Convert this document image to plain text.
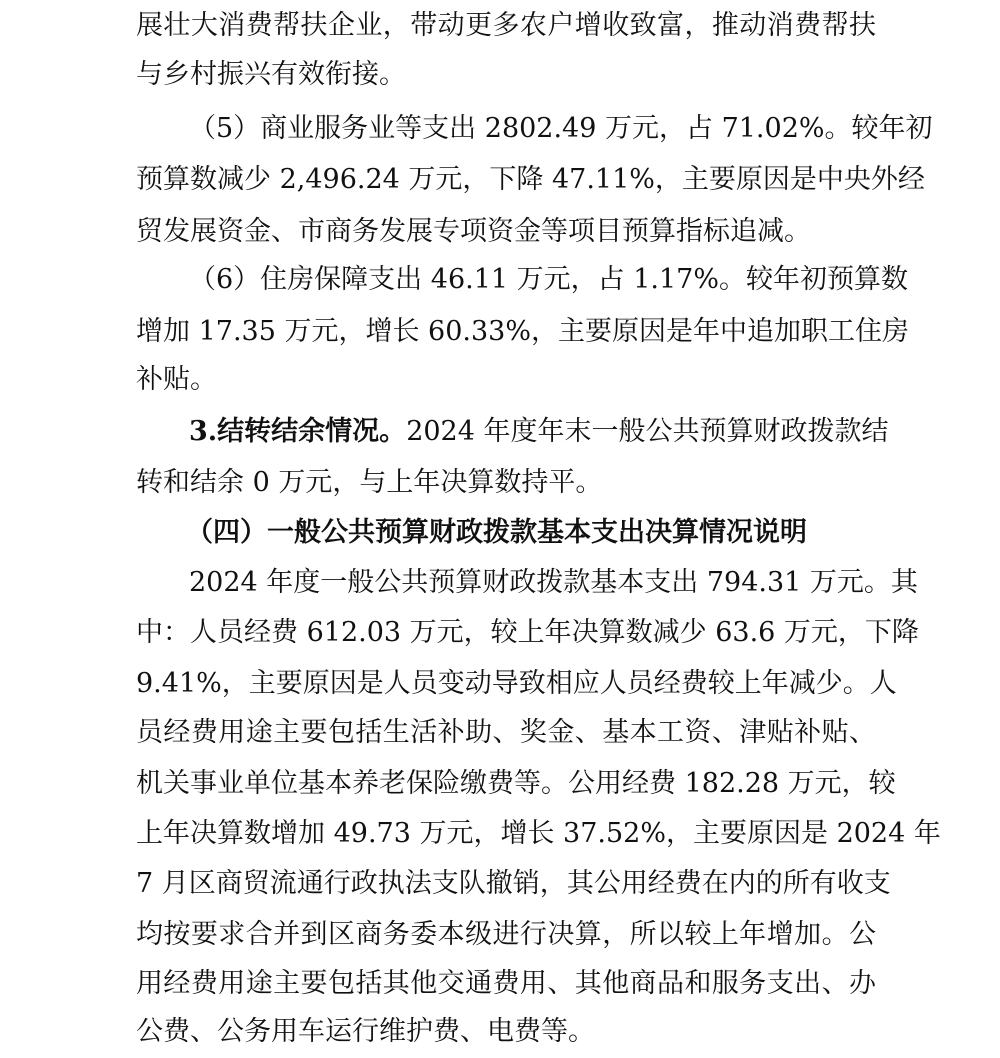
展壮大消费帮扶企业，带动更多农户增收致富，推动消费帮扶
与乡村振兴有效衔接。
（5）商业服务业等支出 2802.49 万元，占 71.02%。较年初
预算数减少 2,496.24 万元，下降 47.11%，主要原因是中央外经
贸发展资金、市商务发展专项资金等项目预算指标追减。
（6）住房保障支出 46.11 万元，占 1.17%。较年初预算数
增加 17.35 万元，增长 60.33%，主要原因是年中追加职工住房
补贴。
3.结转结余情况。2024 年度年末一般公共预算财政拨款结
转和结余 0 万元，与上年决算数持平。
（四）一般公共预算财政拨款基本支出决算情况说明
2024 年度一般公共预算财政拨款基本支出 794.31 万元。其
中：人员经费 612.03 万元，较上年决算数减少 63.6 万元，下降
9.41%，主要原因是人员变动导致相应人员经费较上年减少。人
员经费用途主要包括生活补助、奖金、基本工资、津贴补贴、
机关事业单位基本养老保险缴费等。公用经费 182.28 万元，较
上年决算数增加 49.73 万元，增长 37.52%，主要原因是 2024 年
7 月区商贸流通行政执法支队撤销，其公用经费在内的所有收支
均按要求合并到区商务委本级进行决算，所以较上年增加。公
用经费用途主要包括其他交通费用、其他商品和服务支出、办
公费、公务用车运行维护费、电费等。
